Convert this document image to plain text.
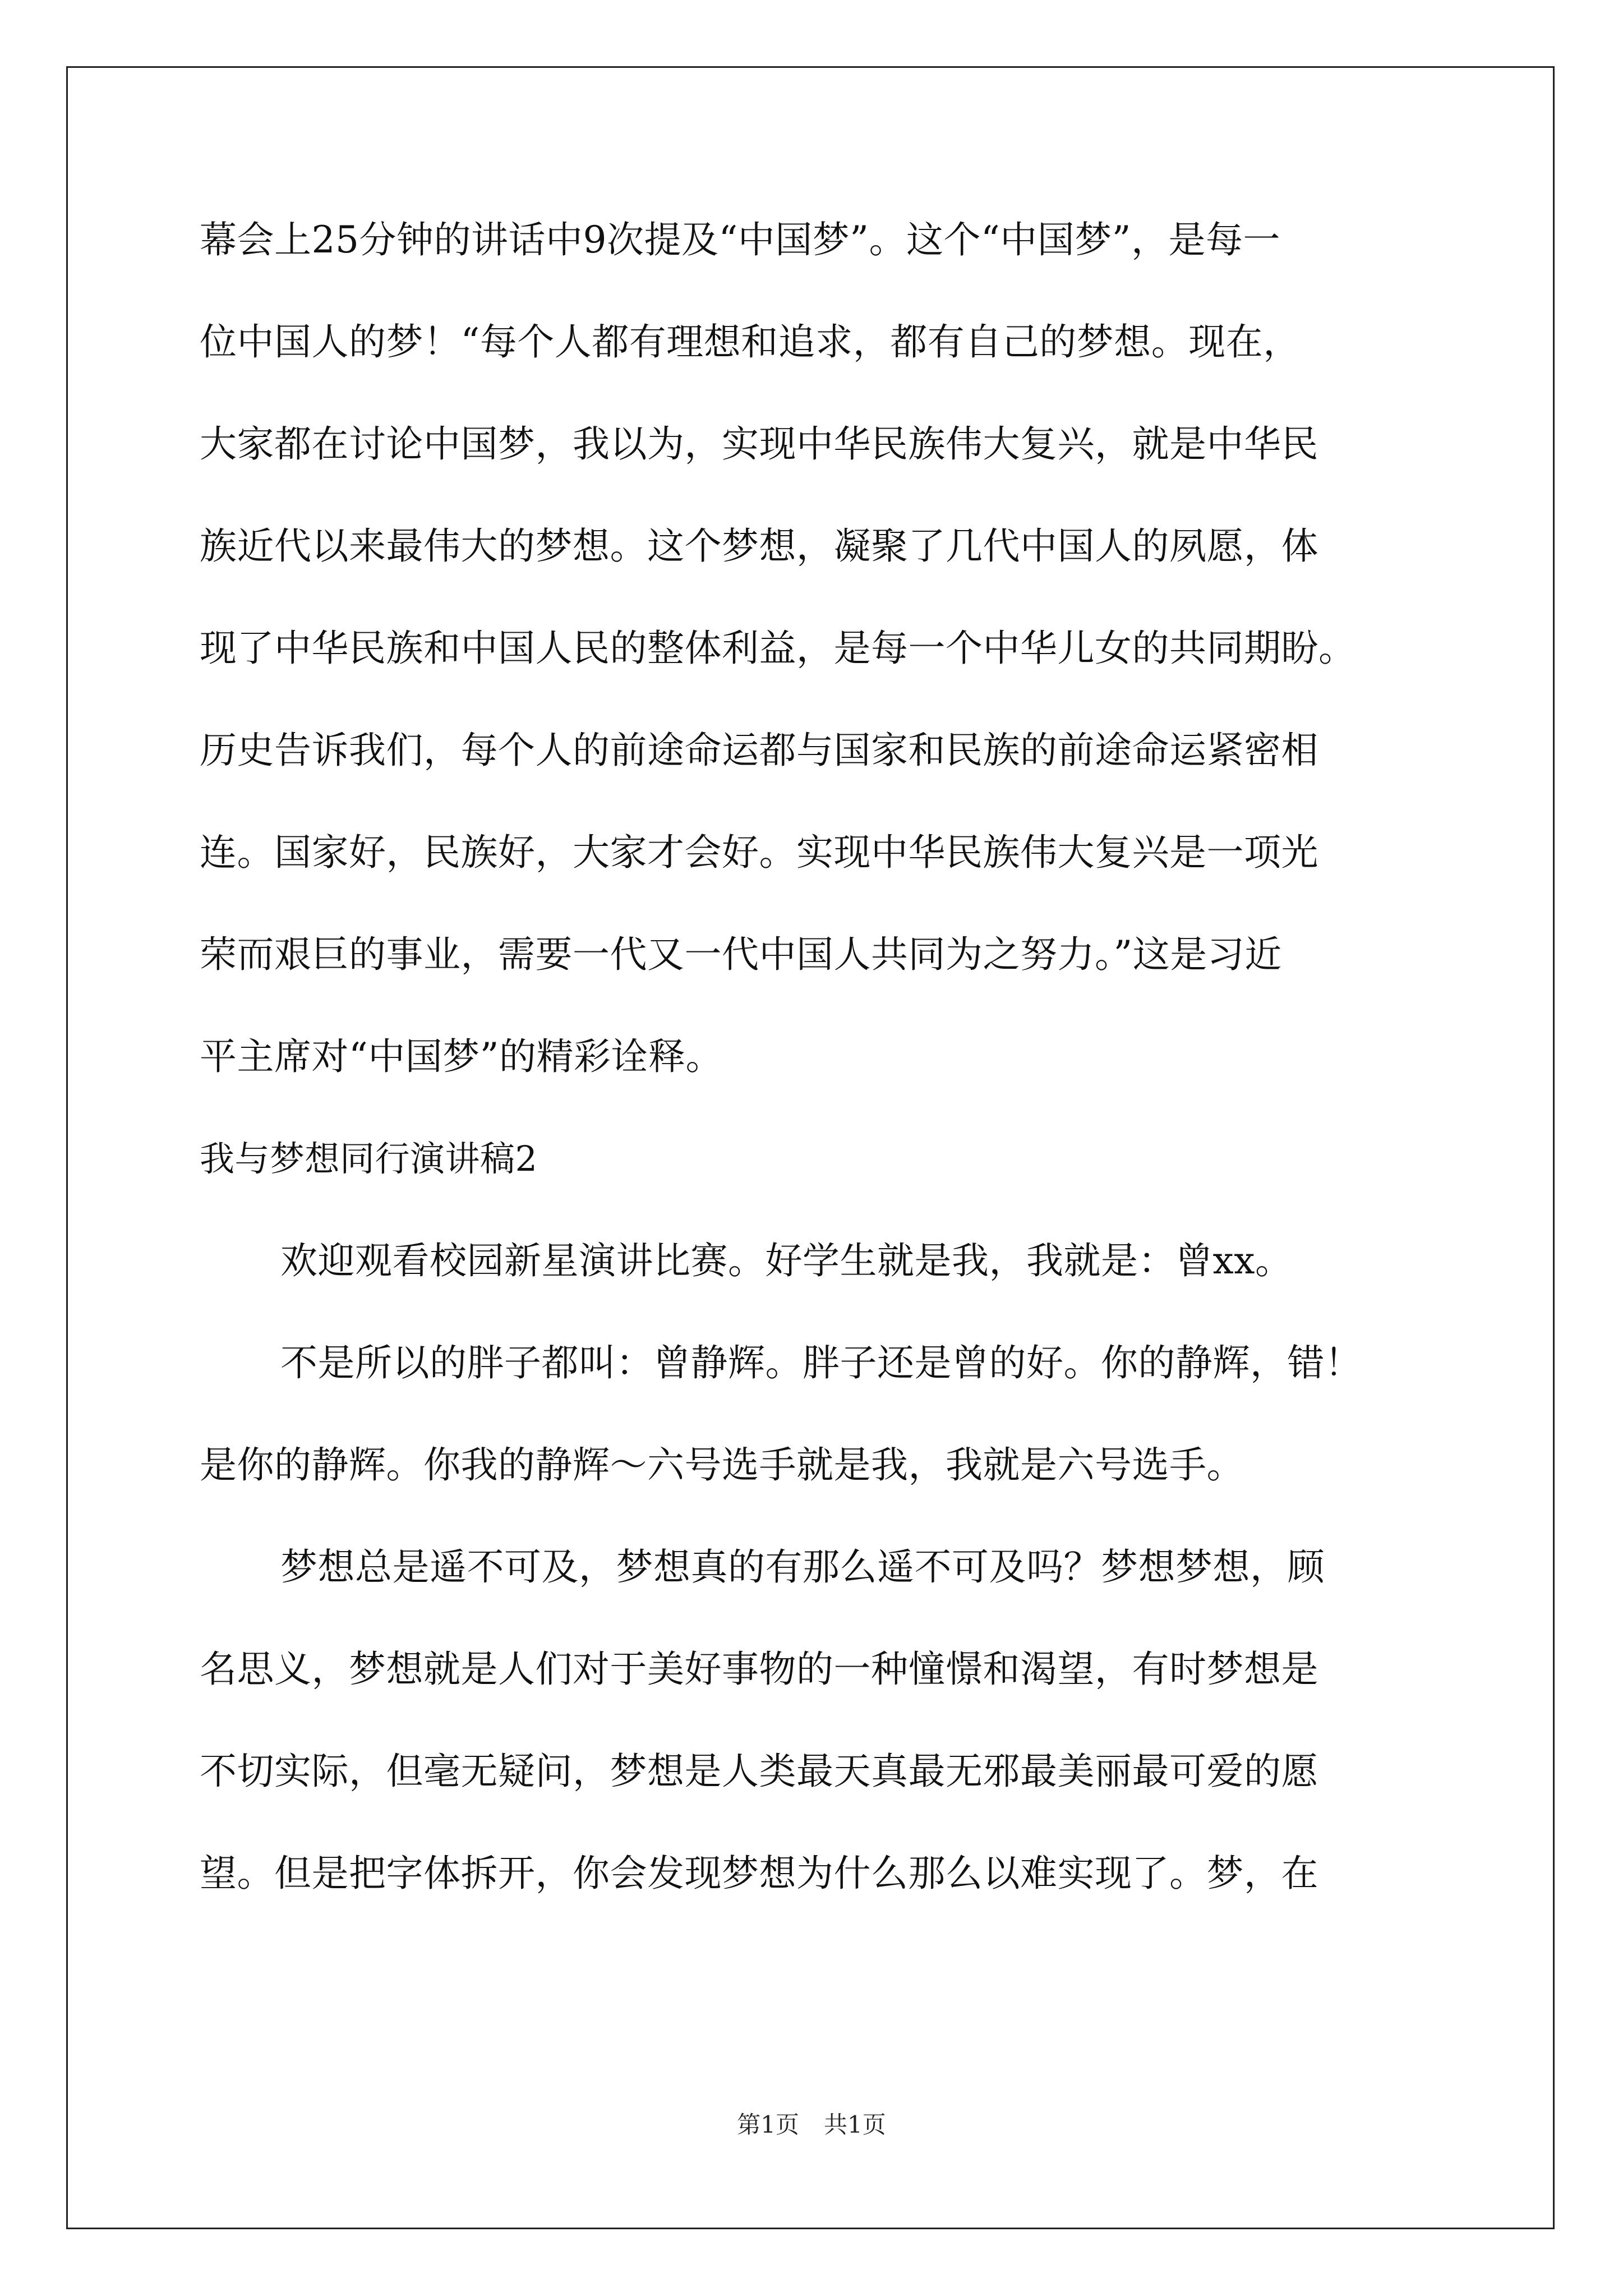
幕会上25分钟的讲话中9次提及“中国梦”。这个“中国梦”，是每一
位中国人的梦！“每个人都有理想和追求，都有自己的梦想。现在，
大家都在讨论中国梦，我以为，实现中华民族伟大复兴，就是中华民
族近代以来最伟大的梦想。这个梦想，凝聚了几代中国人的夙愿，体
现了中华民族和中国人民的整体利益，是每一个中华儿女的共同期盼。
历史告诉我们，每个人的前途命运都与国家和民族的前途命运紧密相
连。国家好，民族好，大家才会好。实现中华民族伟大复兴是一项光
荣而艰巨的事业，需要一代又一代中国人共同为之努力。”这是习近
平主席对“中国梦”的精彩诠释。
我与梦想同行演讲稿2
欢迎观看校园新星演讲比赛。好学生就是我，我就是：曾xx。
不是所以的胖子都叫：曾静辉。胖子还是曾的好。你的静辉，错！
是你的静辉。你我的静辉～六号选手就是我，我就是六号选手。
梦想总是遥不可及，梦想真的有那么遥不可及吗？梦想梦想，顾
名思义，梦想就是人们对于美好事物的一种憧憬和渴望，有时梦想是
不切实际，但毫无疑问，梦想是人类最天真最无邪最美丽最可爱的愿
望。但是把字体拆开，你会发现梦想为什么那么以难实现了。梦，在
第1页 共1页
